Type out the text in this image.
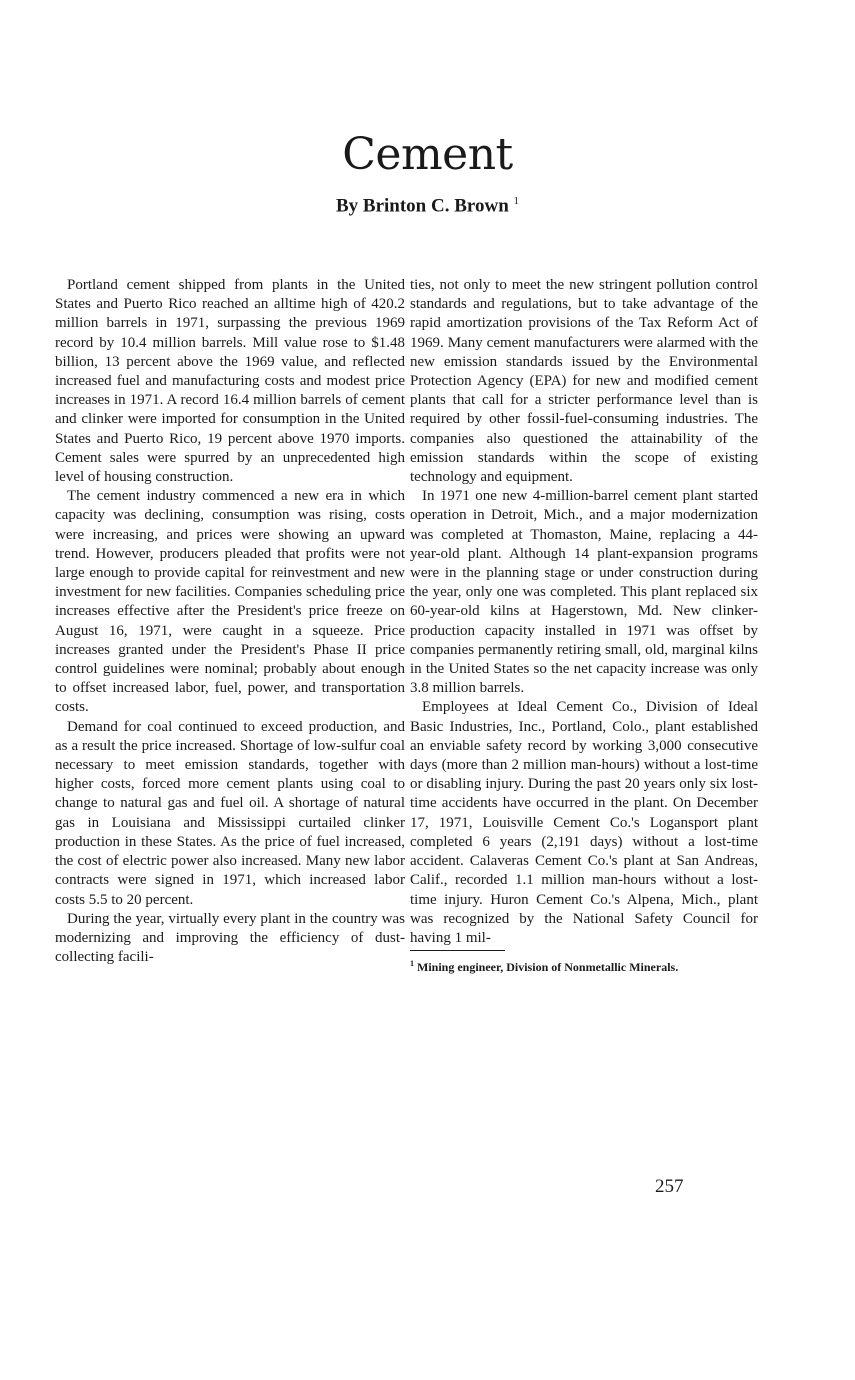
Cement
By Brinton C. Brown $^1$

Portland cement shipped from plants in the United States and Puerto Rico reached an alltime high of 420.2 million barrels in 1971, surpassing the previous 1969 record by 10.4 million barrels. Mill value rose to $1.48 billion, 13 percent above the 1969 value, and reflected increased fuel and manufacturing costs and modest price increases in 1971. A record 16.4 million barrels of cement and clinker were imported for consumption in the United States and Puerto Rico, 19 percent above 1970 imports. Cement sales were spurred by an unprecedented high level of housing construction.

The cement industry commenced a new era in which capacity was declining, consumption was rising, costs were increasing, and prices were showing an upward trend. However, producers pleaded that profits were not large enough to provide capital for reinvestment and new investment for new facilities. Companies scheduling price increases effective after the President's price freeze on August 16, 1971, were caught in a squeeze. Price increases granted under the President's Phase II price control guidelines were nominal; probably about enough to offset increased labor, fuel, power, and transportation costs.

Demand for coal continued to exceed production, and as a result the price increased. Shortage of low-sulfur coal necessary to meet emission standards, together with higher costs, forced more cement plants using coal to change to natural gas and fuel oil. A shortage of natural gas in Louisiana and Mississippi curtailed clinker production in these States. As the price of fuel increased, the cost of electric power also increased. Many new labor contracts were signed in 1971, which increased labor costs 5.5 to 20 percent.

During the year, virtually every plant in the country was modernizing and improving the efficiency of dust-collecting facili-

ties, not only to meet the new stringent pollution control standards and regulations, but to take advantage of the rapid amortization provisions of the Tax Reform Act of 1969. Many cement manufacturers were alarmed with the new emission standards issued by the Environmental Protection Agency (EPA) for new and modified cement plants that call for a stricter performance level than is required by other fossil-fuel-consuming industries. The companies also questioned the attainability of the emission standards within the scope of existing technology and equipment.

In 1971 one new 4-million-barrel cement plant started operation in Detroit, Mich., and a major modernization was completed at Thomaston, Maine, replacing a 44-year-old plant. Although 14 plant-expansion programs were in the planning stage or under construction during the year, only one was completed. This plant replaced six 60-year-old kilns at Hagerstown, Md. New clinker-production capacity installed in 1971 was offset by companies permanently retiring small, old, marginal kilns in the United States so the net capacity increase was only 3.8 million barrels.

Employees at Ideal Cement Co., Division of Ideal Basic Industries, Inc., Portland, Colo., plant established an enviable safety record by working 3,000 consecutive days (more than 2 million man-hours) without a lost-time or disabling injury. During the past 20 years only six lost-time accidents have occurred in the plant. On December 17, 1971, Louisville Cement Co.'s Logansport plant completed 6 years (2,191 days) without a lost-time accident. Calaveras Cement Co.'s plant at San Andreas, Calif., recorded 1.1 million man-hours without a lost-time injury. Huron Cement Co.'s Alpena, Mich., plant was recognized by the National Safety Council for having 1 mil-

$^1$ Mining engineer, Division of Nonmetallic Minerals.
257
